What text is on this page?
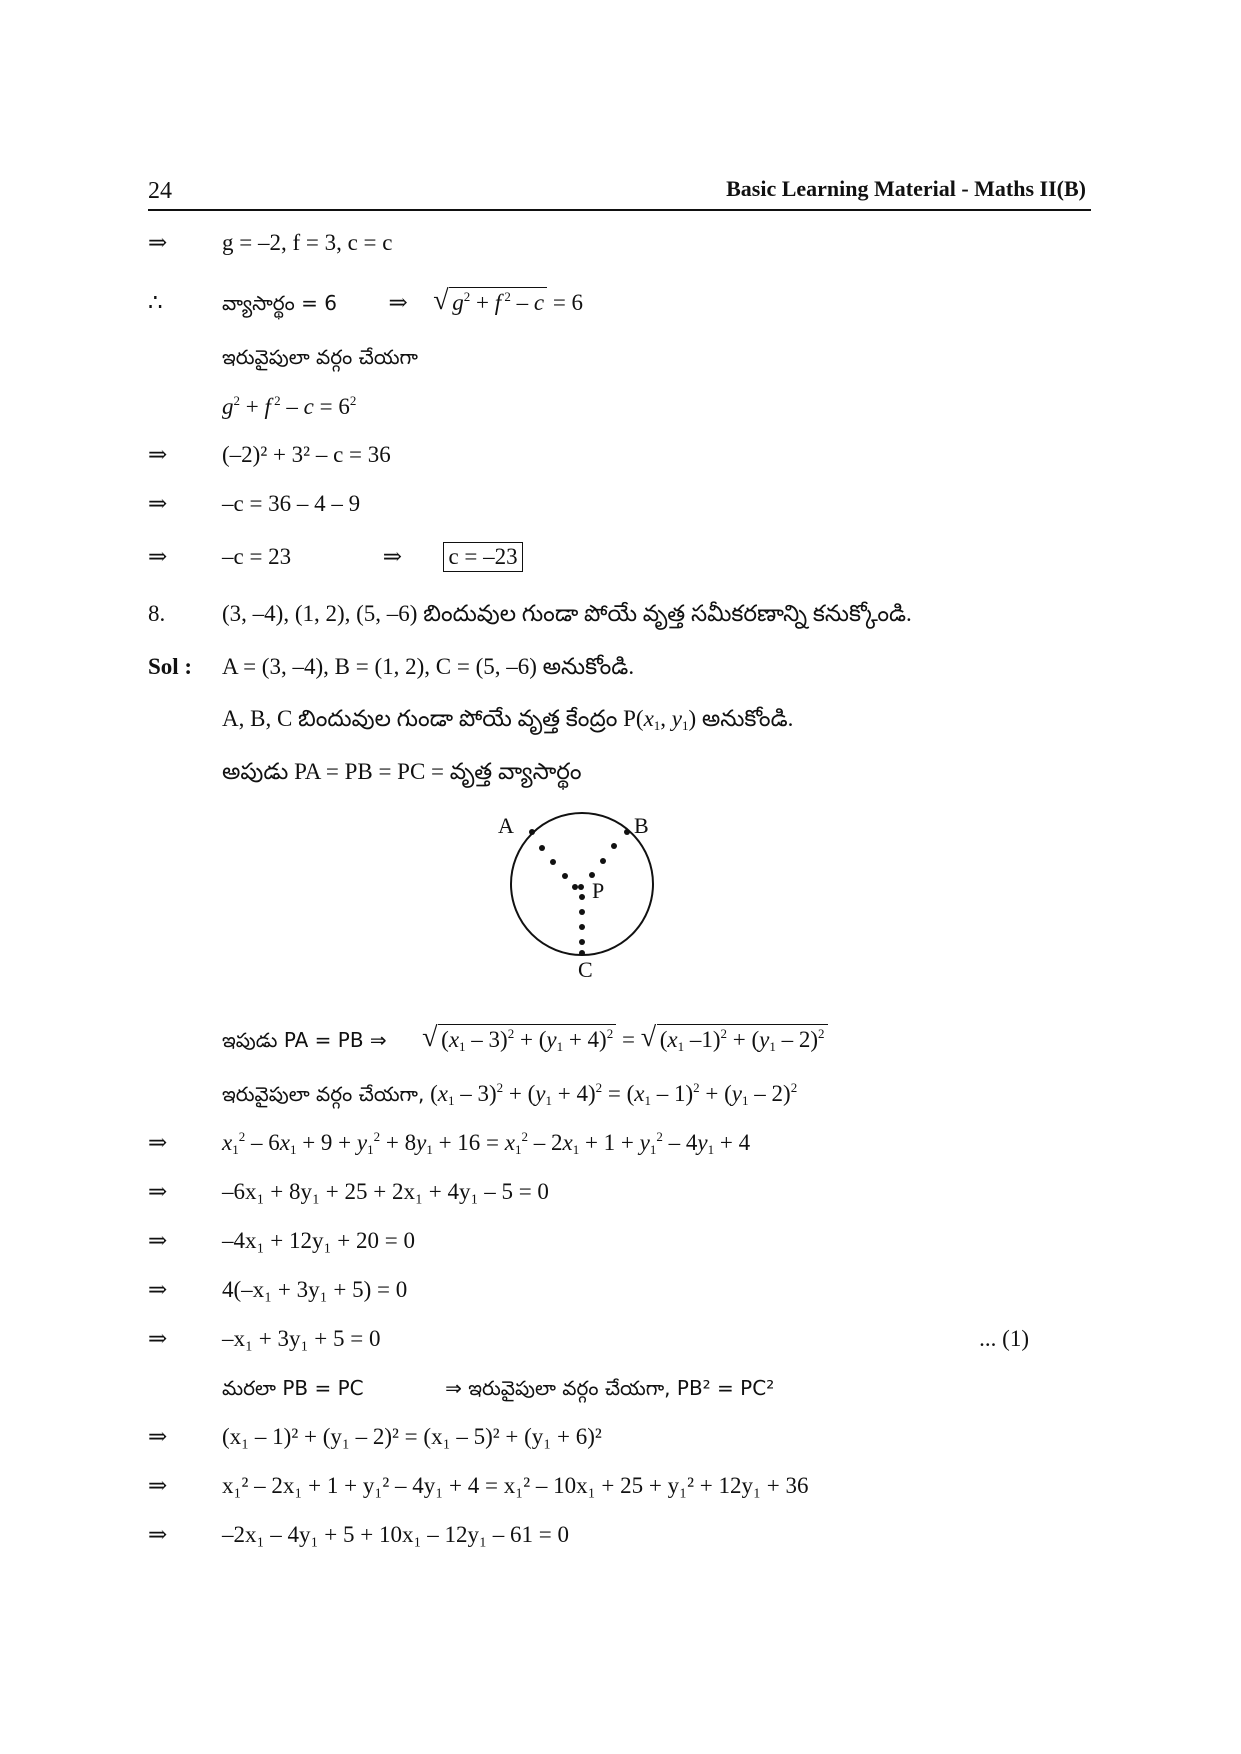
24	Basic Learning Material - Maths II(B)
⇒ g = –2, f = 3, c = c
∴	వ్యాసార్థం = 6 ⇒ √ $g^2 + f$ $^2$ – c = 6
ఇరువైపులా వర్గం చేయగా
$g^2 + f$ $^2 - c = 6^2$
⇒ (–2)² + 3² – c = 36
⇒ –c = 36 – 4 – 9
⇒ –c = 23	⇒ c = –23
8. (3, –4), (1, 2), (5, –6) బిందువుల గుండా పోయే వృత్త సమీకరణాన్ని కనుక్కోండి.
Sol : A = (3, –4), B = (1, 2), C = (5, –6) అనుకోండి.
A, B, C బిందువుల గుండా పోయే వృత్త కేంద్రం $P(x_1$, $y_1$) అనుకోండి.
అపుడు PA = PB = PC = వృత్త వ్యాసార్థం
A	B
P
C
ఇపుడు PA = PB ⇒ √ $(x_1 - 3)^2 + (y_1 + 4)^2$ = √ ($x_1$ $-1)^2 + (y_1 - 2)^2$
ఇరువైపులా వర్గం చేయగా, $(x_1 - 3)^2 + (y_1 + 4)^2 = (x_1 - 1)^2 + (y_1 - 2)^2$
⇒ $x_1^2 - 6x_1 + 9 + y_1^2 + 8y_1 + 16 = x_1^2 - 2x_1 + 1 + y_1^2 - 4y_1 + 4$
⇒ –6x₁ + 8y₁ + 25 + 2x₁ + 4y₁ – 5 = 0
⇒ –4x₁ + 12y₁ + 20 = 0
⇒ 4(–x₁ + 3y₁ + 5) = 0
⇒ –x₁ + 3y₁ + 5 = 0	... (1)
మరలా PB = PC	⇒ ఇరువైపులా వర్గం చేయగా, PB² = PC²
⇒ (x₁ – 1)² + (y₁ – 2)² = (x₁ – 5)² + (y₁ + 6)²
⇒ x₁² – 2x₁ + 1 + y₁² – 4y₁ + 4 = x₁² – 10x₁ + 25 + y₁² + 12y₁ + 36
⇒ –2x₁ – 4y₁ + 5 + 10x₁ – 12y₁ – 61 = 0
